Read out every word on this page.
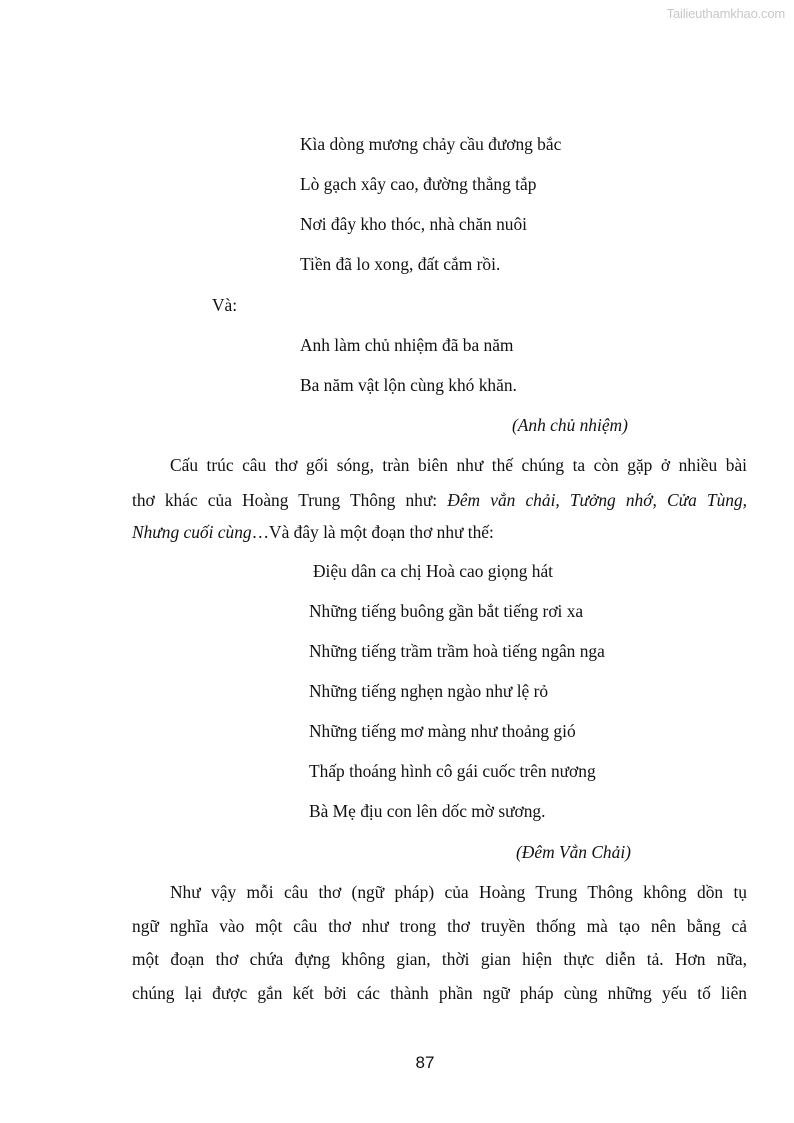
Tailieuthamkhao.com
Kìa dòng mương chảy cầu đương bắc
Lò gạch xây cao, đường thẳng tắp
Nơi đây kho thóc, nhà chăn nuôi
Tiền đã lo xong, đất cắm rồi.
Và:
Anh làm chủ nhiệm đã ba năm
Ba năm vật lộn cùng khó khăn.
(Anh chủ nhiệm)
Cấu trúc câu thơ gối sóng, tràn biên như thế chúng ta còn gặp ở nhiều bài
thơ khác của Hoàng Trung Thông như: Đêm vẳn chải, Tưởng nhớ, Cửa Tùng,
Nhưng cuối cùng…Và đây là một đoạn thơ như thế:
Điệu dân ca chị Hoà cao giọng hát
Những tiếng buông gần bắt tiếng rơi xa
Những tiếng trầm trầm hoà tiếng ngân nga
Những tiếng nghẹn ngào như lệ rỏ
Những tiếng mơ màng như thoảng gió
Thấp thoáng hình cô gái cuốc trên nương
Bà Mẹ địu con lên dốc mờ sương.
(Đêm Vẳn Chải)
Như vậy mỗi câu thơ (ngữ pháp) của Hoàng Trung Thông không dồn tụ
ngữ nghĩa vào một câu thơ như trong thơ truyền thống mà tạo nên bằng cả
một đoạn thơ chứa đựng không gian, thời gian hiện thực diễn tả. Hơn nữa,
chúng lại được gắn kết bởi các thành phần ngữ pháp cùng những yếu tố liên
87
